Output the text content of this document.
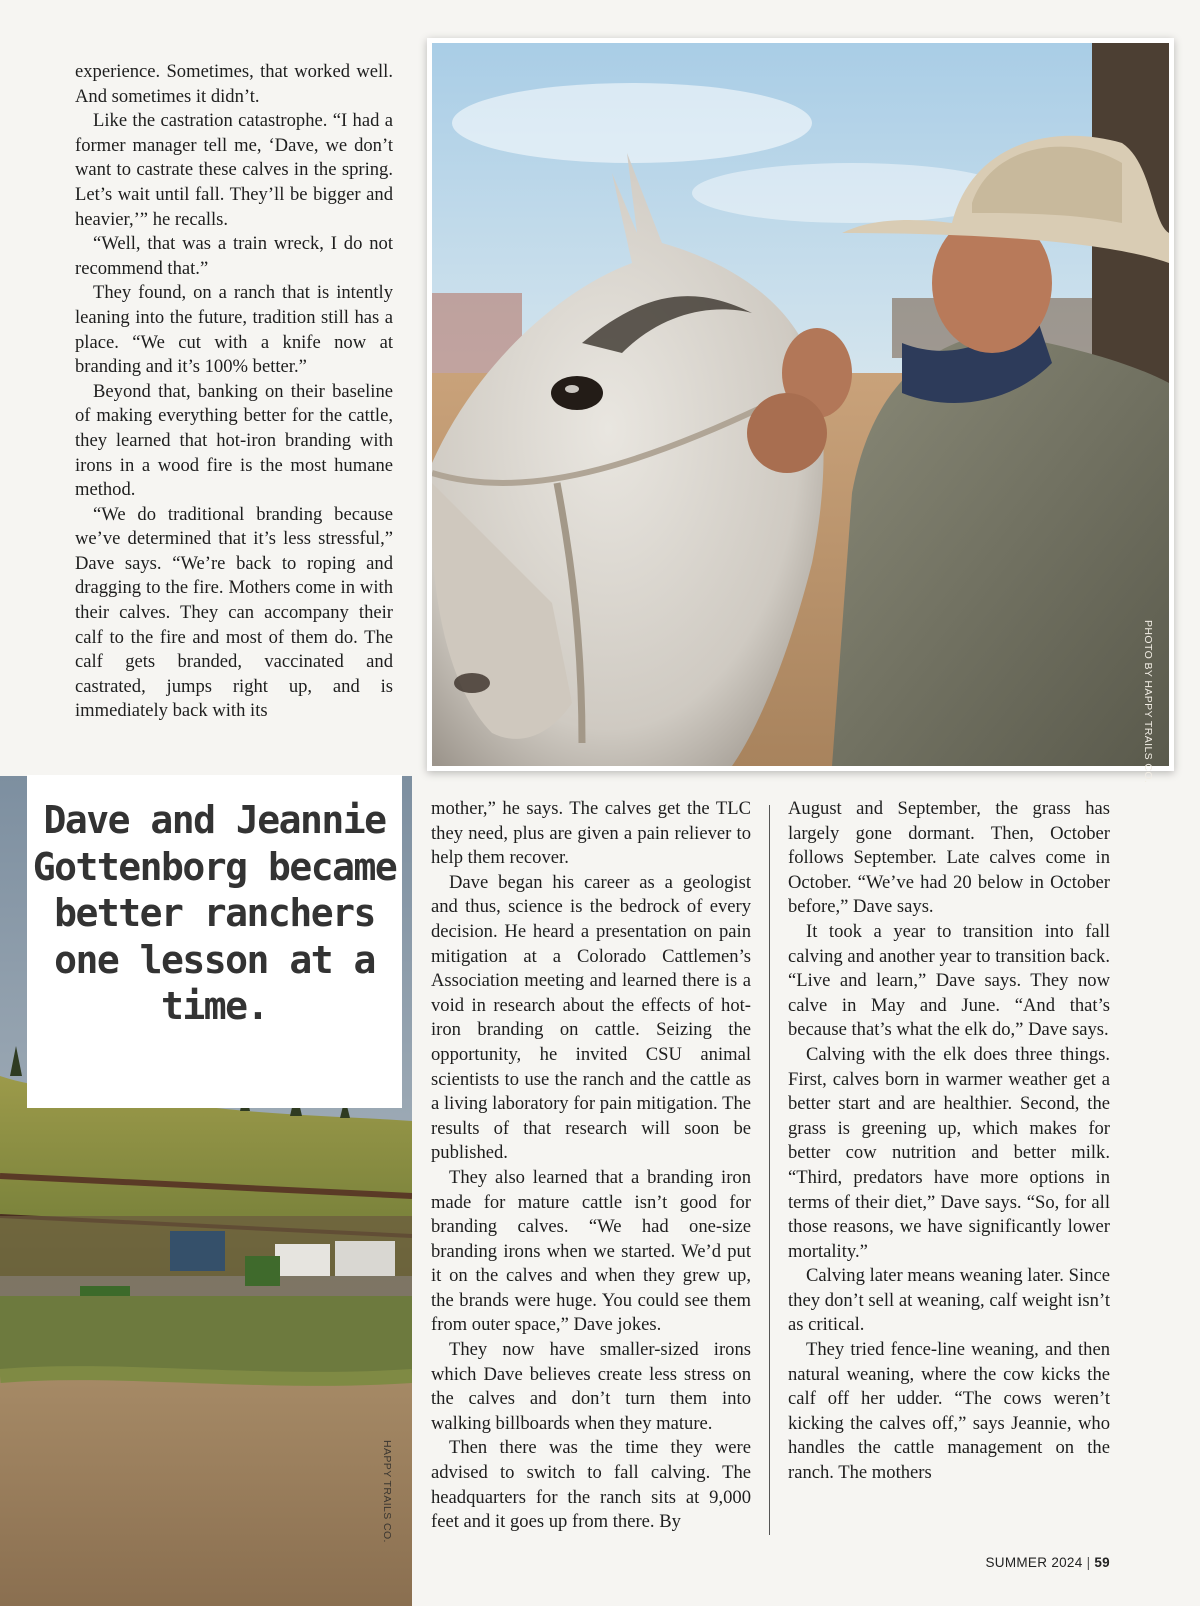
PHOTO BY HAPPY TRAILS CO.
HAPPY TRAILS CO.

Dave and Jeannie Gottenborg became better ranchers one lesson at a time.

experience. Sometimes, that worked well. And sometimes it didn’t.

Like the castration catastrophe. “I had a former manager tell me, ‘Dave, we don’t want to castrate these calves in the spring. Let’s wait until fall. They’ll be bigger and heavier,’” he recalls.

“Well, that was a train wreck, I do not recommend that.”

They found, on a ranch that is intently leaning into the future, tradition still has a place. “We cut with a knife now at branding and it’s 100% better.”

Beyond that, banking on their baseline of making everything better for the cattle, they learned that hot-iron branding with irons in a wood fire is the most humane method.

“We do traditional branding because we’ve determined that it’s less stressful,” Dave says. “We’re back to roping and dragging to the fire. Mothers come in with their calves. They can accompany their calf to the fire and most of them do. The calf gets branded, vaccinated and castrated, jumps right up, and is immediately back with its

mother,” he says. The calves get the TLC they need, plus are given a pain reliever to help them recover.

Dave began his career as a geologist and thus, science is the bedrock of every decision. He heard a presentation on pain mitigation at a Colorado Cattlemen’s Association meeting and learned there is a void in research about the effects of hot-iron branding on cattle. Seizing the opportunity, he invited CSU animal scientists to use the ranch and the cattle as a living laboratory for pain mitigation. The results of that research will soon be published.

They also learned that a branding iron made for mature cattle isn’t good for branding calves. “We had one-size branding irons when we started. We’d put it on the calves and when they grew up, the brands were huge. You could see them from outer space,” Dave jokes.

They now have smaller-sized irons which Dave believes create less stress on the calves and don’t turn them into walking billboards when they mature.

Then there was the time they were advised to switch to fall calving. The headquarters for the ranch sits at 9,000 feet and it goes up from there. By

August and September, the grass has largely gone dormant. Then, October follows September. Late calves come in October. “We’ve had 20 below in October before,” Dave says.

It took a year to transition into fall calving and another year to transition back. “Live and learn,” Dave says. They now calve in May and June. “And that’s because that’s what the elk do,” Dave says.

Calving with the elk does three things. First, calves born in warmer weather get a better start and are healthier. Second, the grass is greening up, which makes for better cow nutrition and better milk. “Third, predators have more options in terms of their diet,” Dave says. “So, for all those reasons, we have significantly lower mortality.”

Calving later means weaning later. Since they don’t sell at weaning, calf weight isn’t as critical.

They tried fence-line weaning, and then natural weaning, where the cow kicks the calf off her udder. “The cows weren’t kicking the calves off,” says Jeannie, who handles the cattle management on the ranch. The mothers

SUMMER 2024 | 59
